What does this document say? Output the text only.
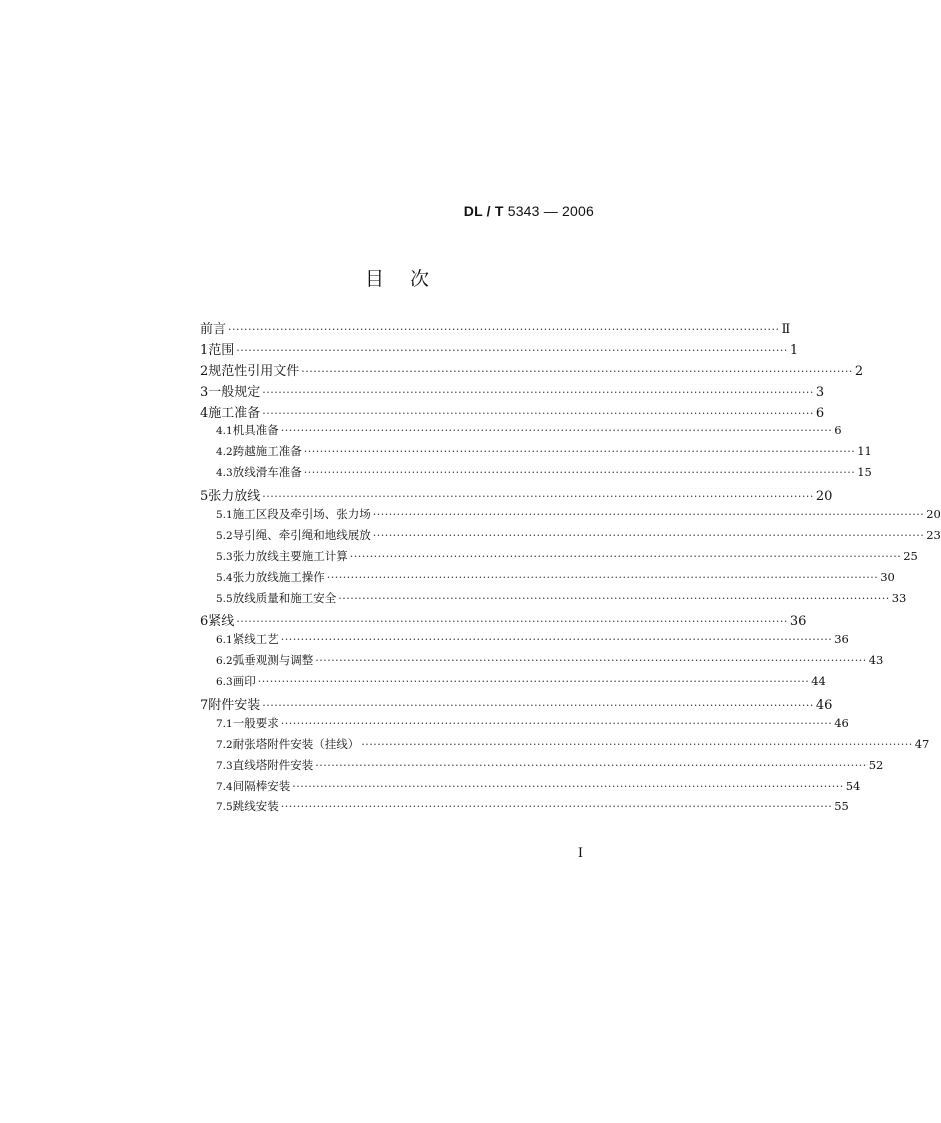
DL / T 5343 — 2006
目次
前言 ·········································································································································· Ⅱ
1 范围 ·········································································································································· 1
2 规范性引用文件 ·········································································································································· 2
3 一般规定 ·········································································································································· 3
4 施工准备 ·········································································································································· 6
4.1 机具准备 ·········································································································································· 6
4.2 跨越施工准备 ·········································································································································· 11
4.3 放线滑车准备 ·········································································································································· 15
5 张力放线 ·········································································································································· 20
5.1 施工区段及牵引场、张力场 ·········································································································································· 20
5.2 导引绳、牵引绳和地线展放 ·········································································································································· 23
5.3 张力放线主要施工计算 ·········································································································································· 25
5.4 张力放线施工操作 ·········································································································································· 30
5.5 放线质量和施工安全 ·········································································································································· 33
6 紧线 ·········································································································································· 36
6.1 紧线工艺 ·········································································································································· 36
6.2 弧垂观测与调整 ·········································································································································· 43
6.3 画印 ·········································································································································· 44
7 附件安装 ·········································································································································· 46
7.1 一般要求 ·········································································································································· 46
7.2 耐张塔附件安装（挂线） ·········································································································································· 47
7.3 直线塔附件安装 ·········································································································································· 52
7.4 间隔棒安装 ·········································································································································· 54
7.5 跳线安装 ·········································································································································· 55
I
